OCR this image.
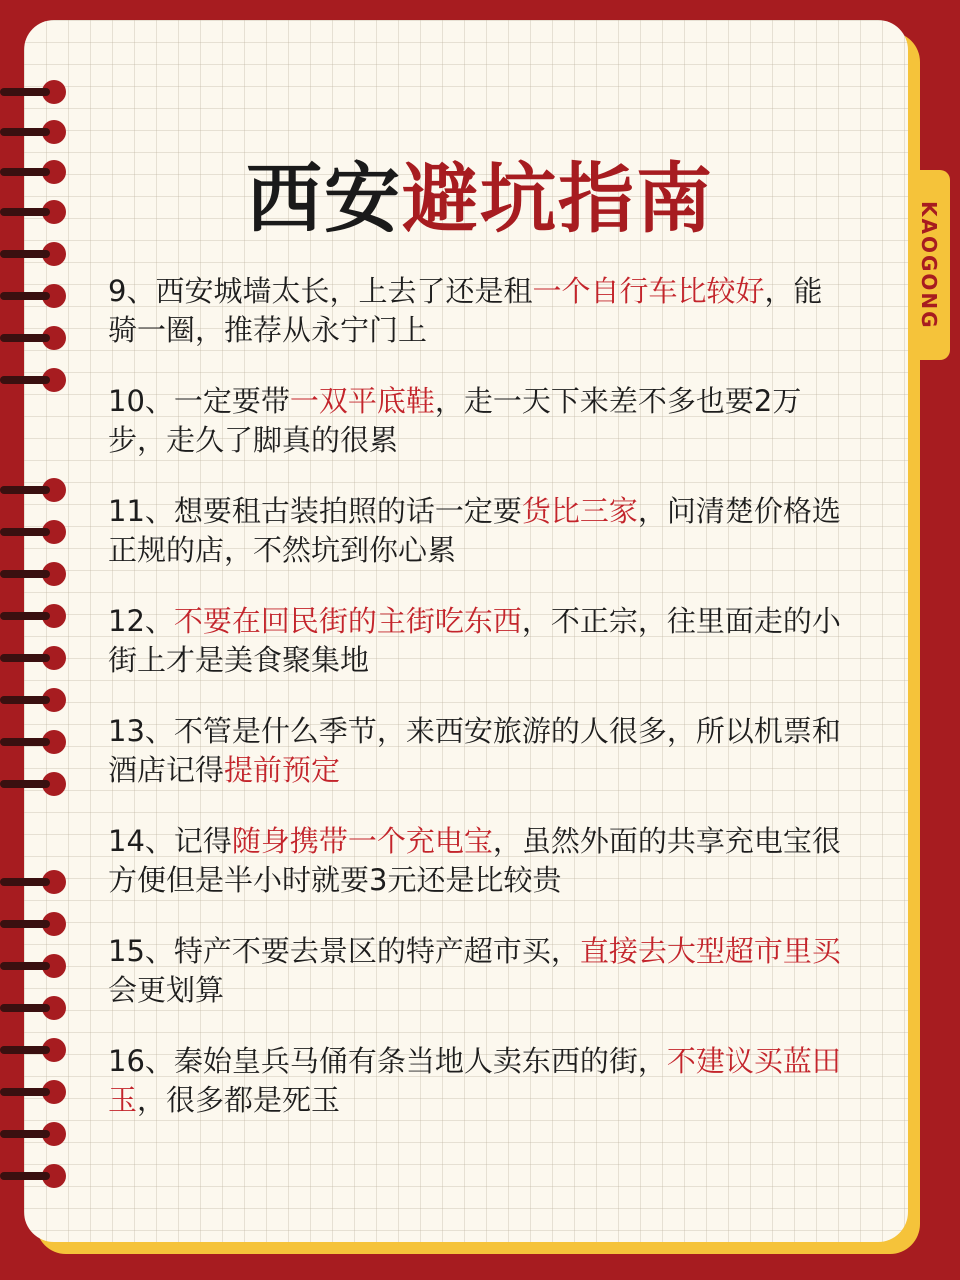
KAOGONG
西安避坑指南
9、西安城墙太长，上去了还是租一个自行车比较好，能骑一圈，推荐从永宁门上
10、一定要带一双平底鞋，走一天下来差不多也要2万步，走久了脚真的很累
11、想要租古装拍照的话一定要货比三家，问清楚价格选正规的店，不然坑到你心累
12、不要在回民街的主街吃东西，不正宗，往里面走的小街上才是美食聚集地
13、不管是什么季节，来西安旅游的人很多，所以机票和酒店记得提前预定
14、记得随身携带一个充电宝，虽然外面的共享充电宝很方便但是半小时就要3元还是比较贵
15、特产不要去景区的特产超市买，直接去大型超市里买会更划算
16、秦始皇兵马俑有条当地人卖东西的街，不建议买蓝田玉，很多都是死玉
